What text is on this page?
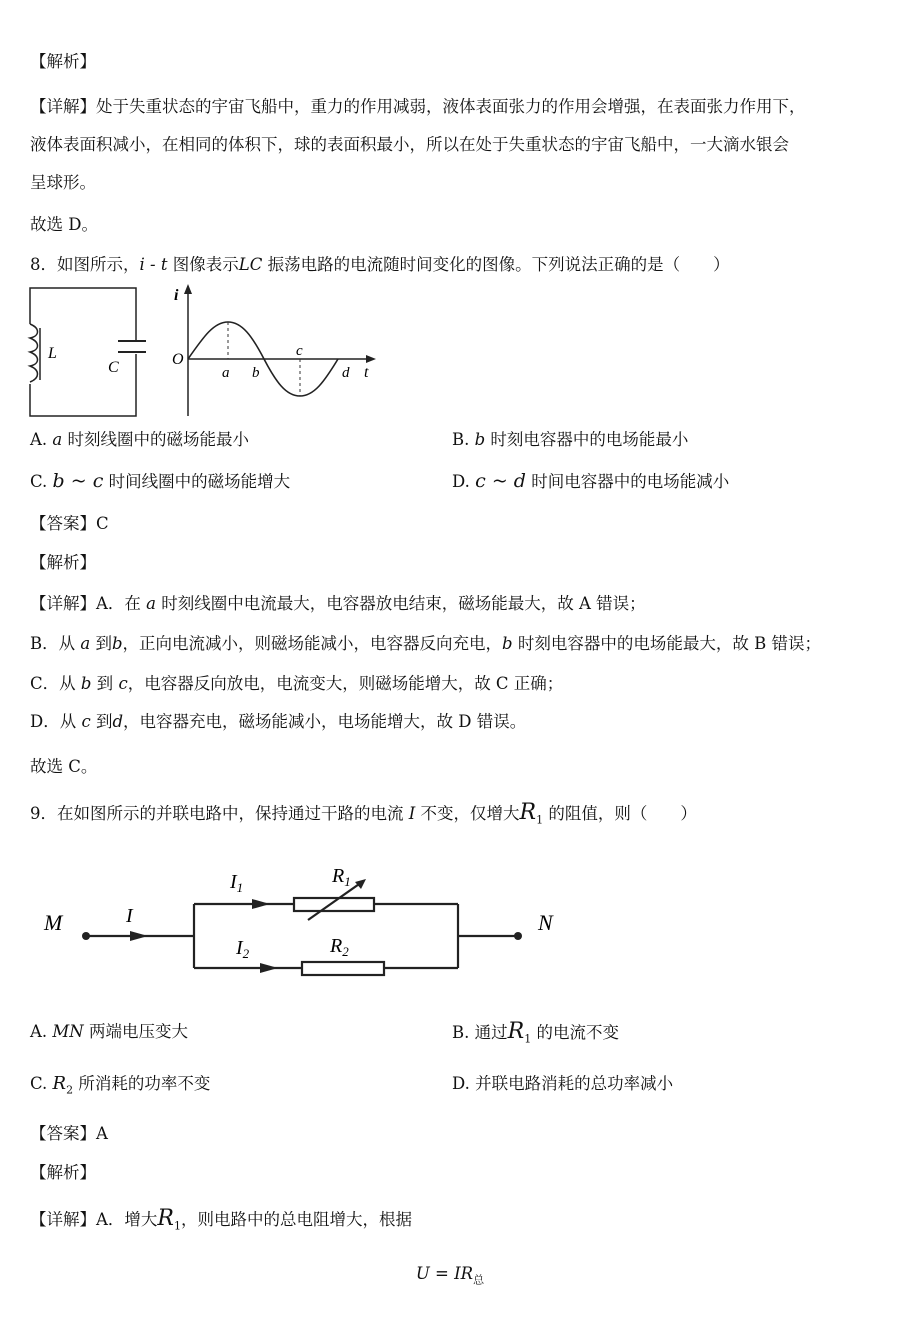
【解析】
【详解】处于失重状态的宇宙飞船中，重力的作用减弱，液体表面张力的作用会增强，在表面张力作用下，
液体表面积减小，在相同的体积下，球的表面积最小，所以在处于失重状态的宇宙飞船中，一大滴水银会
呈球形。
故选 D。
8．如图所示，i - t 图像表示LC 振荡电路的电流随时间变化的图像。下列说法正确的是（　　）
L
C
i
O
a b
c
d t
A. a 时刻线圈中的磁场能最小	B. b 时刻电容器中的电场能最小
C. b ~ c 时间线圈中的磁场能增大	D. c ~ d 时间电容器中的电场能减小
【答案】C
【解析】
【详解】A．在 a 时刻线圈中电流最大，电容器放电结束，磁场能最大，故 A 错误；
B．从 a 到b，正向电流减小，则磁场能减小，电容器反向充电，b 时刻电容器中的电场能最大，故 B 错误；
C．从 b 到 c，电容器反向放电，电流变大，则磁场能增大，故 C 正确；
D．从 c 到d，电容器充电，磁场能减小，电场能增大，故 D 错误。
故选 C。
9．在如图所示的并联电路中，保持通过干路的电流 I 不变，仅增大$R_1$ 的阻值，则（　　）
M	N
I
$I_1$
$I_2$
$R_1$
$R_2$
A. MN 两端电压变大	B. 通过$R_1$ 的电流不变
C. $R_2$ 所消耗的功率不变	D. 并联电路消耗的总功率减小
【答案】A
【解析】
【详解】A．增大$R_1$，则电路中的总电阻增大，根据
$U = IR_总$
